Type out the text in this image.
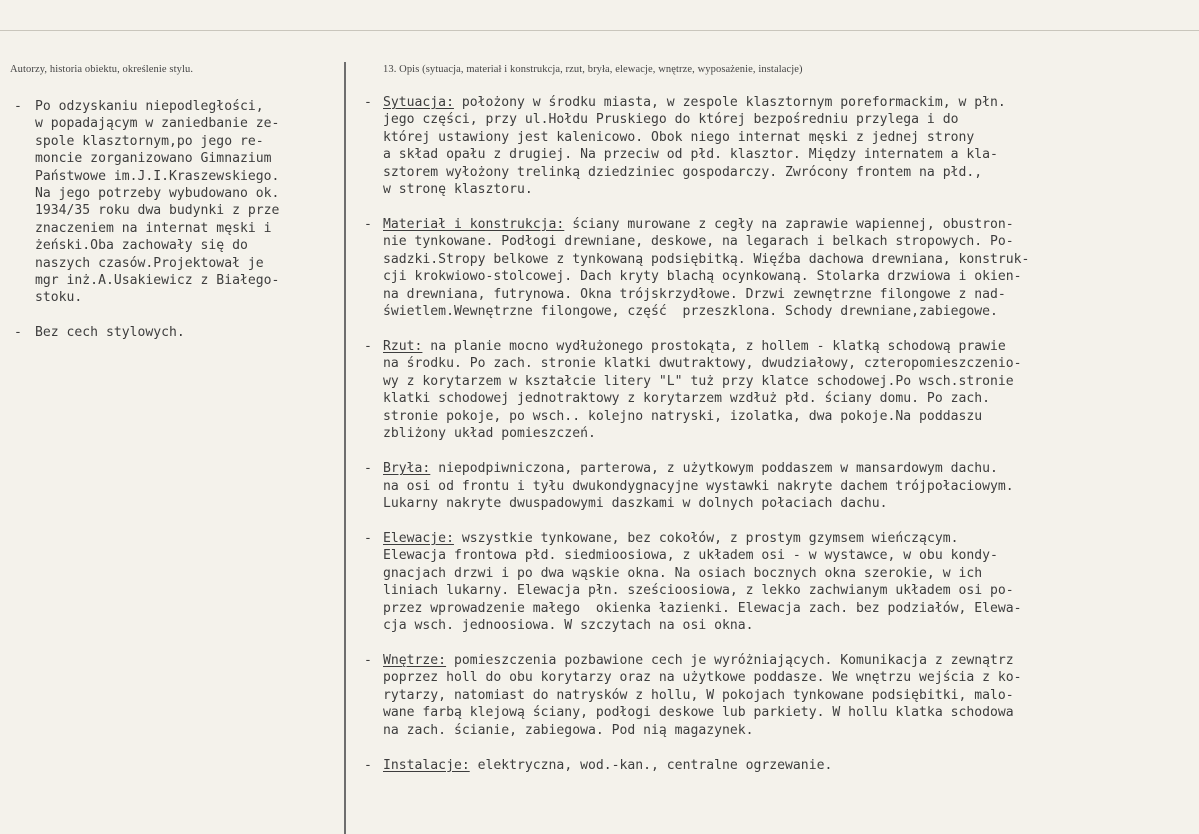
Autorzy, historia obiektu, określenie stylu.	13. Opis (sytuacja, materiał i konstrukcja, rzut, bryła, elewacje, wnętrze, wyposażenie, instalacje)
-	Po odzyskaniu niepodległości,
w popadającym w zaniedbanie ze-
spole klasztornym,po jego re-
moncie zorganizowano Gimnazium
Państwowe im.J.I.Kraszewskiego.
Na jego potrzeby wybudowano ok.
1934/35 roku dwa budynki z prze
znaczeniem na internat męski i
żeński.Oba zachowały się do
naszych czasów.Projektował je
mgr inż.A.Usakiewicz z Białego-
stoku.
-	Bez cech stylowych.
- Sytuacja: położony w środku miasta, w zespole klasztornym poreformackim, w płn.
jego części, przy ul.Hołdu Pruskiego do której bezpośredniu przylega i do
której ustawiony jest kalenicowo. Obok niego internat męski z jednej strony
a skład opału z drugiej. Na przeciw od płd. klasztor. Między internatem a kla-
sztorem wyłożony trelinką dziedziniec gospodarczy. Zwrócony frontem na płd.,
w stronę klasztoru.
- Materiał i konstrukcja: ściany murowane z cegły na zaprawie wapiennej, obustron-
nie tynkowane. Podłogi drewniane, deskowe, na legarach i belkach stropowych. Po-
sadzki.Stropy belkowe z tynkowaną podsiębitką. Więźba dachowa drewniana, konstruk-
cji krokwiowo-stolcowej. Dach kryty blachą ocynkowaną. Stolarka drzwiowa i okien-
na drewniana, futrynowa. Okna trójskrzydłowe. Drzwi zewnętrzne filongowe z nad-
świetlem.Wewnętrzne filongowe, część  przeszklona. Schody drewniane,zabiegowe.
- Rzut: na planie mocno wydłużonego prostokąta, z hollem - klatką schodową prawie
na środku. Po zach. stronie klatki dwutraktowy, dwudziałowy, czteropomieszczenio-
wy z korytarzem w kształcie litery "L" tuż przy klatce schodowej.Po wsch.stronie
klatki schodowej jednotraktowy z korytarzem wzdłuż płd. ściany domu. Po zach.
stronie pokoje, po wsch.. kolejno natryski, izolatka, dwa pokoje.Na poddaszu
zbliżony układ pomieszczeń.
- Bryła: niepodpiwniczona, parterowa, z użytkowym poddaszem w mansardowym dachu.
na osi od frontu i tyłu dwukondygnacyjne wystawki nakryte dachem trójpołaciowym.
Lukarny nakryte dwuspadowymi daszkami w dolnych połaciach dachu.
- Elewacje: wszystkie tynkowane, bez cokołów, z prostym gzymsem wieńczącym.
Elewacja frontowa płd. siedmioosiowa, z układem osi - w wystawce, w obu kondy-
gnacjach drzwi i po dwa wąskie okna. Na osiach bocznych okna szerokie, w ich
liniach lukarny. Elewacja płn. sześcioosiowa, z lekko zachwianym układem osi po-
przez wprowadzenie małego  okienka łazienki. Elewacja zach. bez podziałów, Elewa-
cja wsch. jednoosiowa. W szczytach na osi okna.
- Wnętrze: pomieszczenia pozbawione cech je wyróżniających. Komunikacja z zewnątrz
poprzez holl do obu korytarzy oraz na użytkowe poddasze. We wnętrzu wejścia z ko-
rytarzy, natomiast do natrysków z hollu, W pokojach tynkowane podsiębitki, malo-
wane farbą klejową ściany, podłogi deskowe lub parkiety. W hollu klatka schodowa
na zach. ścianie, zabiegowa. Pod nią magazynek.
- Instalacje: elektryczna, wod.-kan., centralne ogrzewanie.
